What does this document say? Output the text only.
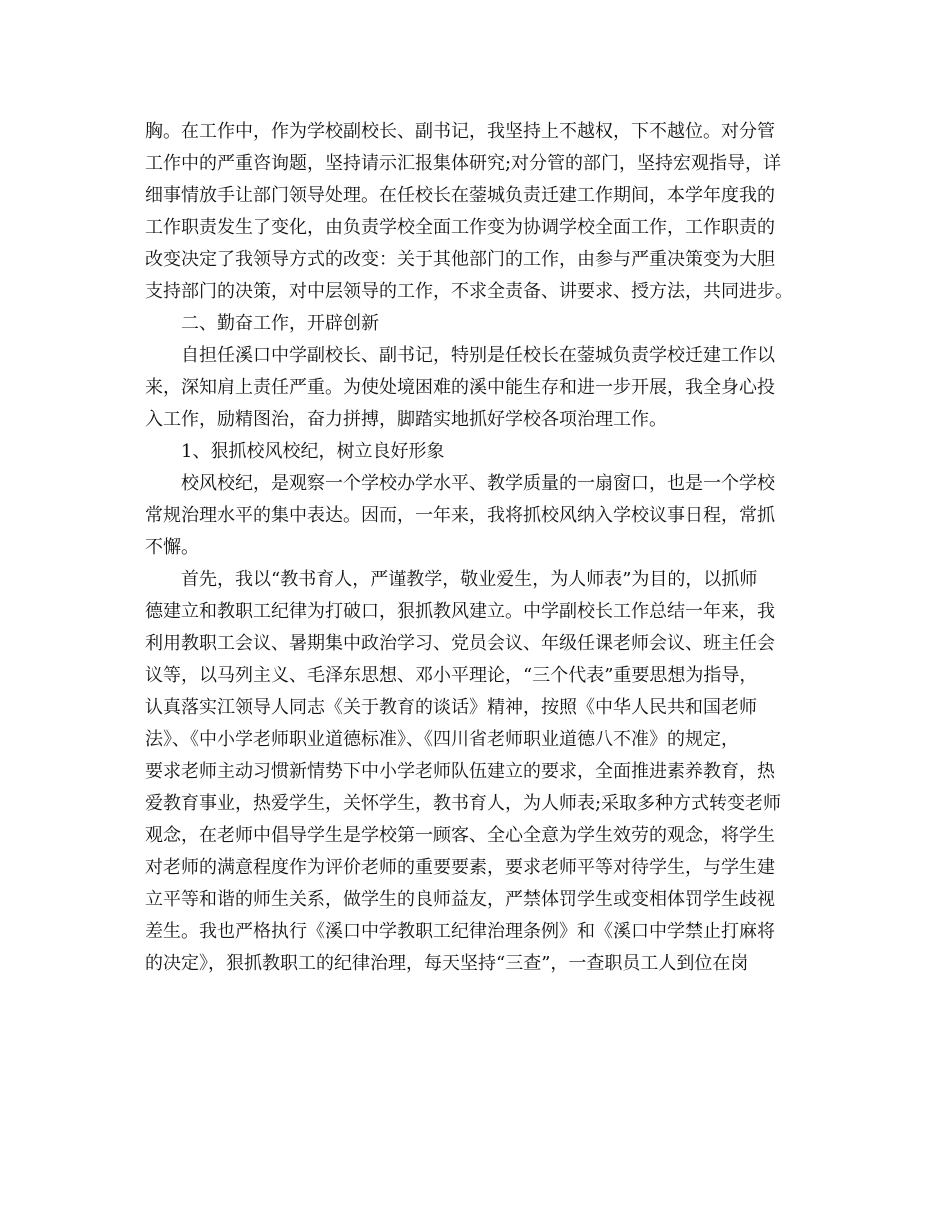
胸。在工作中，作为学校副校长、副书记，我坚持上不越权，下不越位。对分管
工作中的严重咨询题，坚持请示汇报集体研究;对分管的部门，坚持宏观指导，详
细事情放手让部门领导处理。在任校长在蓥城负责迁建工作期间，本学年度我的
工作职责发生了变化，由负责学校全面工作变为协调学校全面工作，工作职责的
改变决定了我领导方式的改变：关于其他部门的工作，由参与严重决策变为大胆
支持部门的决策，对中层领导的工作，不求全责备、讲要求、授方法，共同进步。
二、勤奋工作，开辟创新
自担任溪口中学副校长、副书记，特别是任校长在蓥城负责学校迁建工作以
来，深知肩上责任严重。为使处境困难的溪中能生存和进一步开展，我全身心投
入工作，励精图治，奋力拼搏，脚踏实地抓好学校各项治理工作。
1、狠抓校风校纪，树立良好形象
校风校纪，是观察一个学校办学水平、教学质量的一扇窗口，也是一个学校
常规治理水平的集中表达。因而，一年来，我将抓校风纳入学校议事日程，常抓
不懈。
首先，我以“教书育人，严谨教学，敬业爱生，为人师表”为目的，以抓师
德建立和教职工纪律为打破口，狠抓教风建立。中学副校长工作总结一年来，我
利用教职工会议、暑期集中政治学习、党员会议、年级任课老师会议、班主任会
议等，以马列主义、毛泽东思想、邓小平理论，“三个代表”重要思想为指导，
认真落实江领导人同志《关于教育的谈话》精神，按照《中华人民共和国老师
法》、《中小学老师职业道德标准》、《四川省老师职业道德八不准》的规定，
要求老师主动习惯新情势下中小学老师队伍建立的要求，全面推进素养教育，热
爱教育事业，热爱学生，关怀学生，教书育人，为人师表;采取多种方式转变老师
观念，在老师中倡导学生是学校第一顾客、全心全意为学生效劳的观念，将学生
对老师的满意程度作为评价老师的重要要素，要求老师平等对待学生，与学生建
立平等和谐的师生关系，做学生的良师益友，严禁体罚学生或变相体罚学生歧视
差生。我也严格执行《溪口中学教职工纪律治理条例》和《溪口中学禁止打麻将
的决定》，狠抓教职工的纪律治理，每天坚持“三查”，一查职员工人到位在岗
